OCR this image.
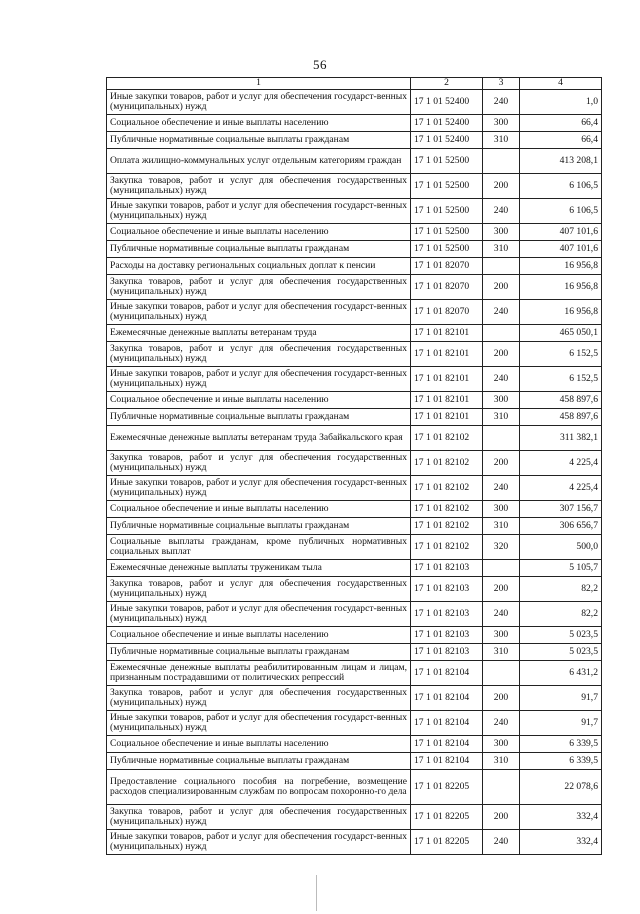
56
1	2	3	4
Иные закупки товаров, работ и услуг для обеспечения государст-венных (муниципальных) нужд	17 1 01 52400	240	1,0
Социальное обеспечение и иные выплаты населению	17 1 01 52400	300	66,4
Публичные нормативные социальные выплаты гражданам	17 1 01 52400	310	66,4
Оплата жилищно-коммунальных услуг отдельным категориям граждан	17 1 01 52500		413 208,1
Закупка товаров, работ и услуг для обеспечения государственных (муниципальных) нужд	17 1 01 52500	200	6 106,5
Иные закупки товаров, работ и услуг для обеспечения государст-венных (муниципальных) нужд	17 1 01 52500	240	6 106,5
Социальное обеспечение и иные выплаты населению	17 1 01 52500	300	407 101,6
Публичные нормативные социальные выплаты гражданам	17 1 01 52500	310	407 101,6
Расходы на доставку региональных социальных доплат к пенсии	17 1 01 82070		16 956,8
Закупка товаров, работ и услуг для обеспечения государственных (муниципальных) нужд	17 1 01 82070	200	16 956,8
Иные закупки товаров, работ и услуг для обеспечения государст-венных (муниципальных) нужд	17 1 01 82070	240	16 956,8
Ежемесячные денежные выплаты ветеранам труда	17 1 01 82101		465 050,1
Закупка товаров, работ и услуг для обеспечения государственных (муниципальных) нужд	17 1 01 82101	200	6 152,5
Иные закупки товаров, работ и услуг для обеспечения государст-венных (муниципальных) нужд	17 1 01 82101	240	6 152,5
Социальное обеспечение и иные выплаты населению	17 1 01 82101	300	458 897,6
Публичные нормативные социальные выплаты гражданам	17 1 01 82101	310	458 897,6
Ежемесячные денежные выплаты ветеранам труда Забайкальского края	17 1 01 82102		311 382,1
Закупка товаров, работ и услуг для обеспечения государственных (муниципальных) нужд	17 1 01 82102	200	4 225,4
Иные закупки товаров, работ и услуг для обеспечения государст-венных (муниципальных) нужд	17 1 01 82102	240	4 225,4
Социальное обеспечение и иные выплаты населению	17 1 01 82102	300	307 156,7
Публичные нормативные социальные выплаты гражданам	17 1 01 82102	310	306 656,7
Социальные выплаты гражданам, кроме публичных нормативных социальных выплат	17 1 01 82102	320	500,0
Ежемесячные денежные выплаты труженикам тыла	17 1 01 82103		5 105,7
Закупка товаров, работ и услуг для обеспечения государственных (муниципальных) нужд	17 1 01 82103	200	82,2
Иные закупки товаров, работ и услуг для обеспечения государст-венных (муниципальных) нужд	17 1 01 82103	240	82,2
Социальное обеспечение и иные выплаты населению	17 1 01 82103	300	5 023,5
Публичные нормативные социальные выплаты гражданам	17 1 01 82103	310	5 023,5
Ежемесячные денежные выплаты реабилитированным лицам и лицам, признанным пострадавшими от политических репрессий	17 1 01 82104		6 431,2
Закупка товаров, работ и услуг для обеспечения государственных (муниципальных) нужд	17 1 01 82104	200	91,7
Иные закупки товаров, работ и услуг для обеспечения государст-венных (муниципальных) нужд	17 1 01 82104	240	91,7
Социальное обеспечение и иные выплаты населению	17 1 01 82104	300	6 339,5
Публичные нормативные социальные выплаты гражданам	17 1 01 82104	310	6 339,5
Предоставление социального пособия на погребение, возмещение расходов специализированным службам по вопросам похоронно-го дела	17 1 01 82205		22 078,6
Закупка товаров, работ и услуг для обеспечения государственных (муниципальных) нужд	17 1 01 82205	200	332,4
Иные закупки товаров, работ и услуг для обеспечения государст-венных (муниципальных) нужд	17 1 01 82205	240	332,4
